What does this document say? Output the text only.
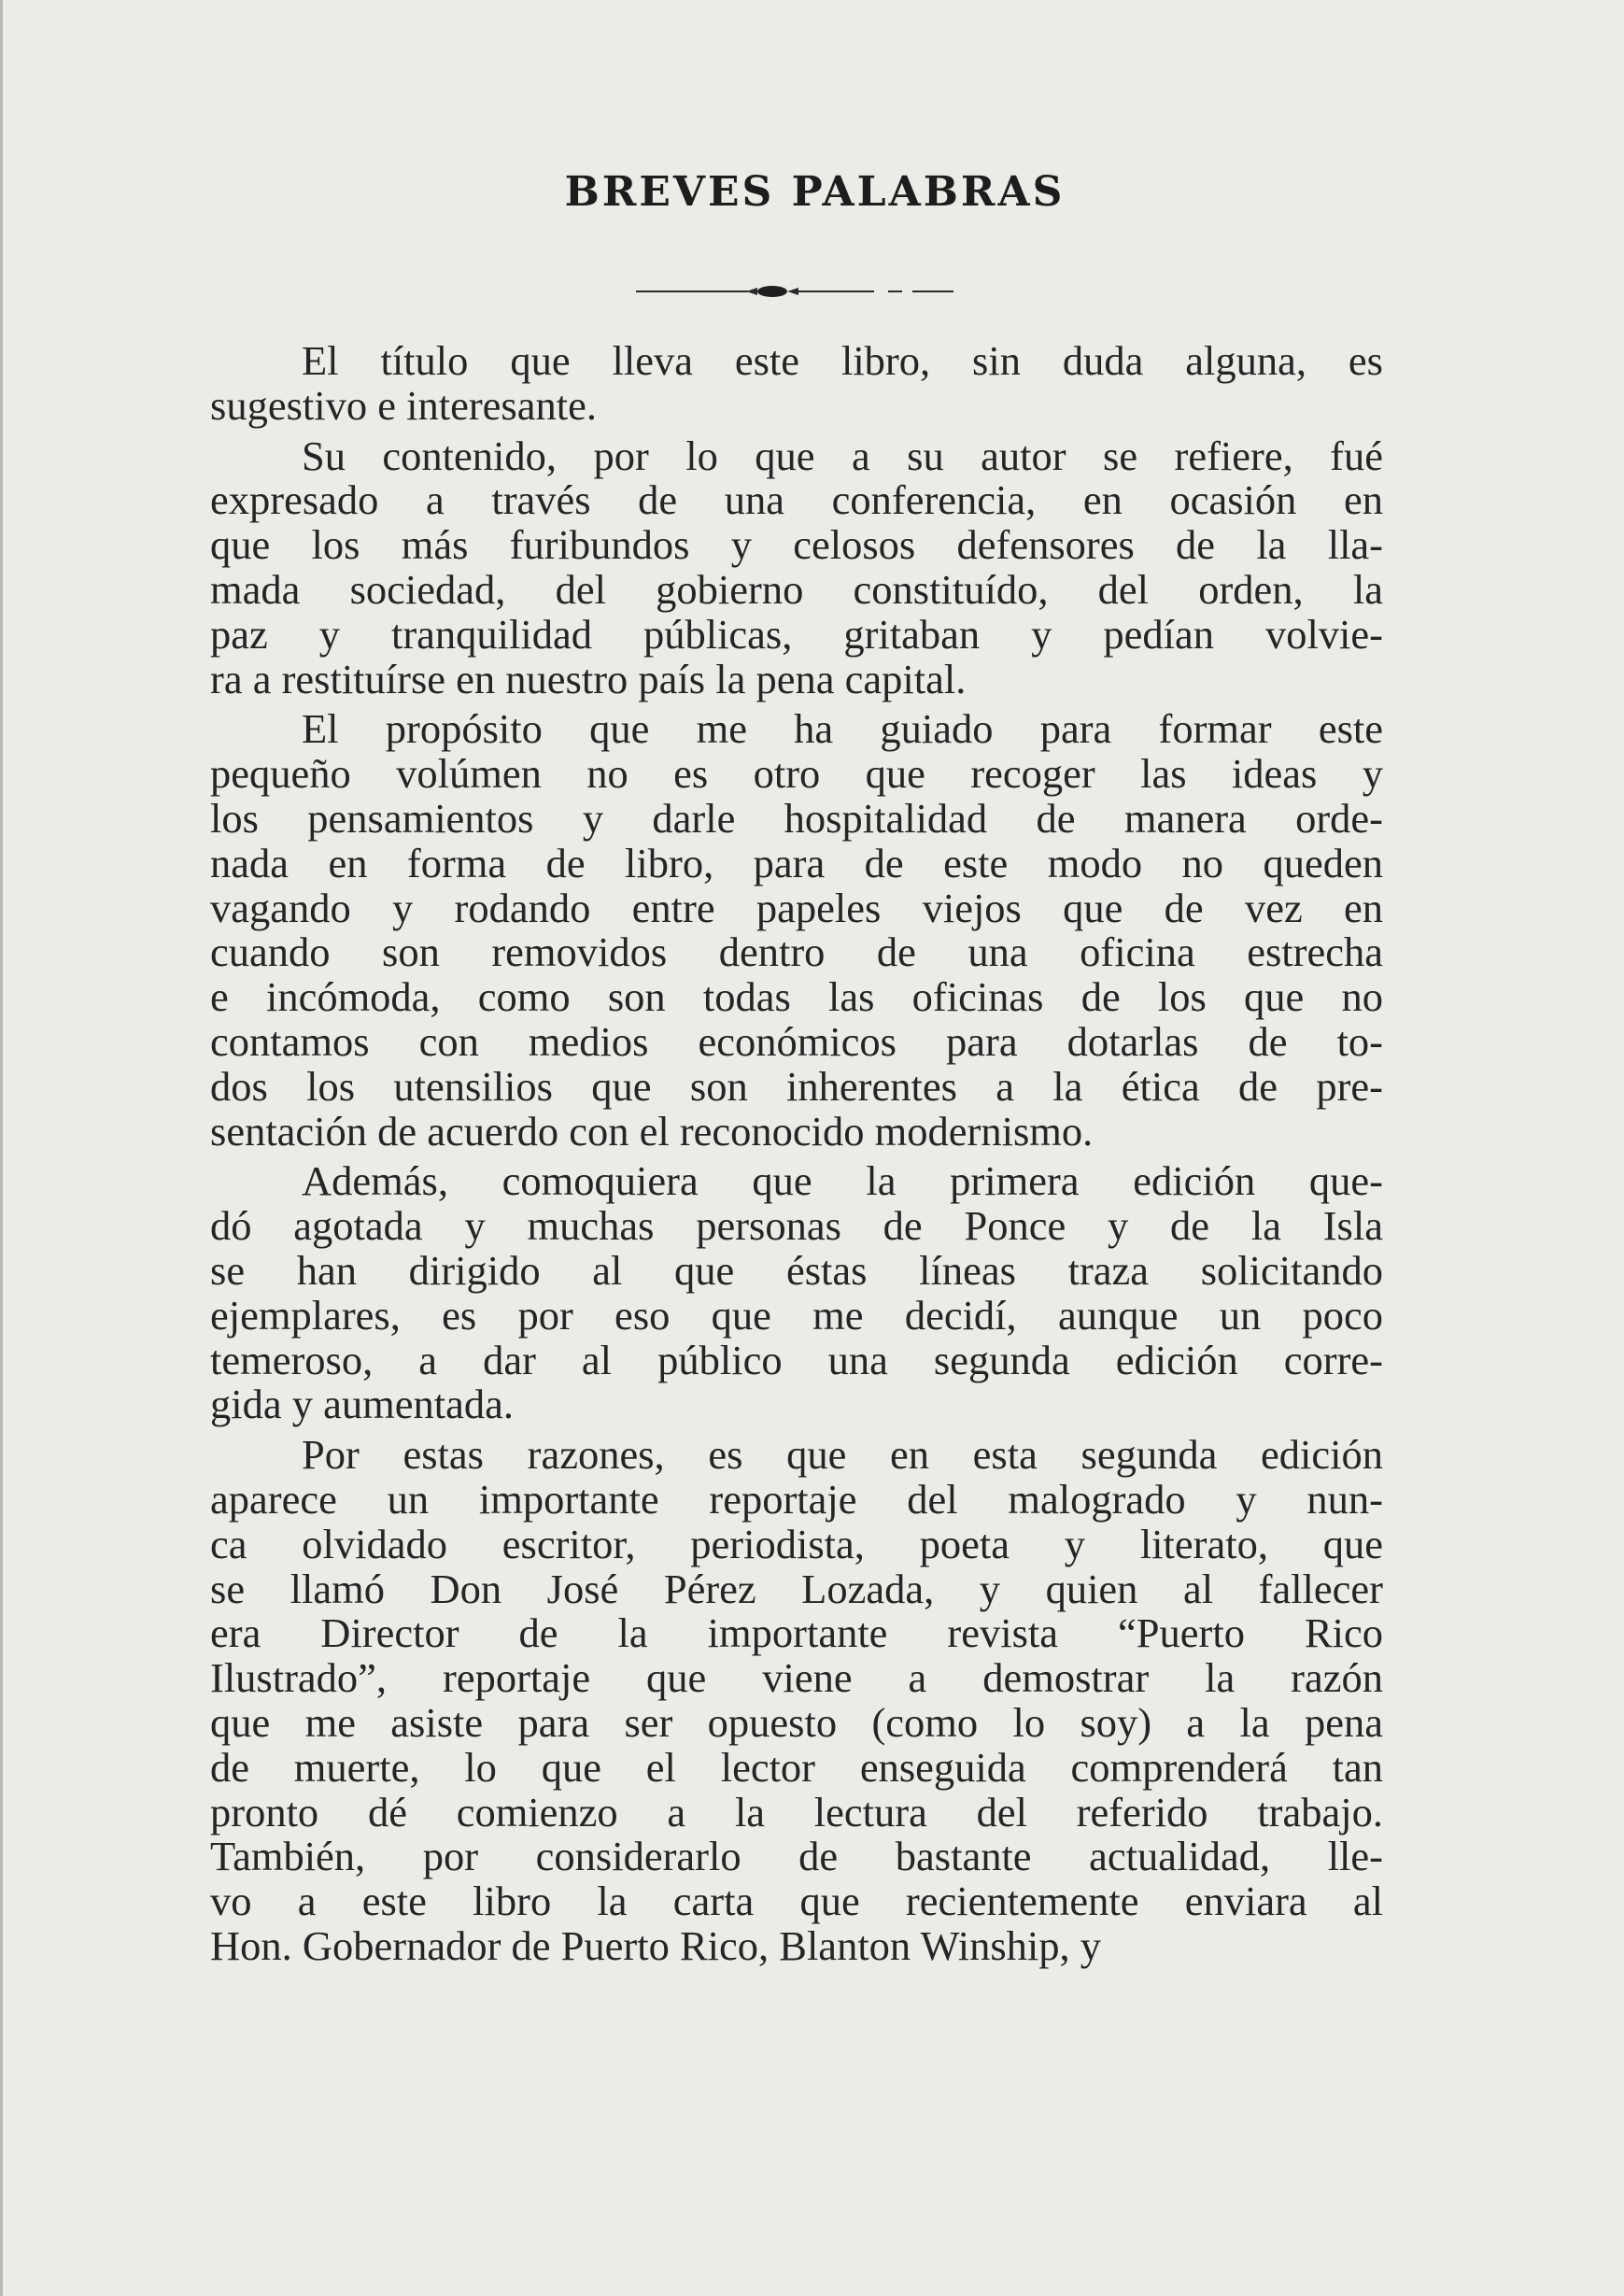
BREVES PALABRAS
El título que lleva este libro, sin duda alguna, es
sugestivo e interesante.
Su contenido, por lo que a su autor se refiere, fué
expresado a través de una conferencia, en ocasión en
que los más furibundos y celosos defensores de la lla-
mada sociedad, del gobierno constituído, del orden, la
paz y tranquilidad públicas, gritaban y pedían volvie-
ra a restituírse en nuestro país la pena capital.
El propósito que me ha guiado para formar este
pequeño volúmen no es otro que recoger las ideas y
los pensamientos y darle hospitalidad de manera orde-
nada en forma de libro, para de este modo no queden
vagando y rodando entre papeles viejos que de vez en
cuando son removidos dentro de una oficina estrecha
e incómoda, como son todas las oficinas de los que no
contamos con medios económicos para dotarlas de to-
dos los utensilios que son inherentes a la ética de pre-
sentación de acuerdo con el reconocido modernismo.
Además, comoquiera que la primera edición que-
dó agotada y muchas personas de Ponce y de la Isla
se han dirigido al que éstas líneas traza solicitando
ejemplares, es por eso que me decidí, aunque un poco
temeroso, a dar al público una segunda edición corre-
gida y aumentada.
Por estas razones, es que en esta segunda edición
aparece un importante reportaje del malogrado y nun-
ca olvidado escritor, periodista, poeta y literato, que
se llamó Don José Pérez Lozada, y quien al fallecer
era Director de la importante revista “Puerto Rico
Ilustrado”, reportaje que viene a demostrar la razón
que me asiste para ser opuesto (como lo soy) a la pena
de muerte, lo que el lector enseguida comprenderá tan
pronto dé comienzo a la lectura del referido trabajo.
También, por considerarlo de bastante actualidad, lle-
vo a este libro la carta que recientemente enviara al
Hon. Gobernador de Puerto Rico, Blanton Winship, y
